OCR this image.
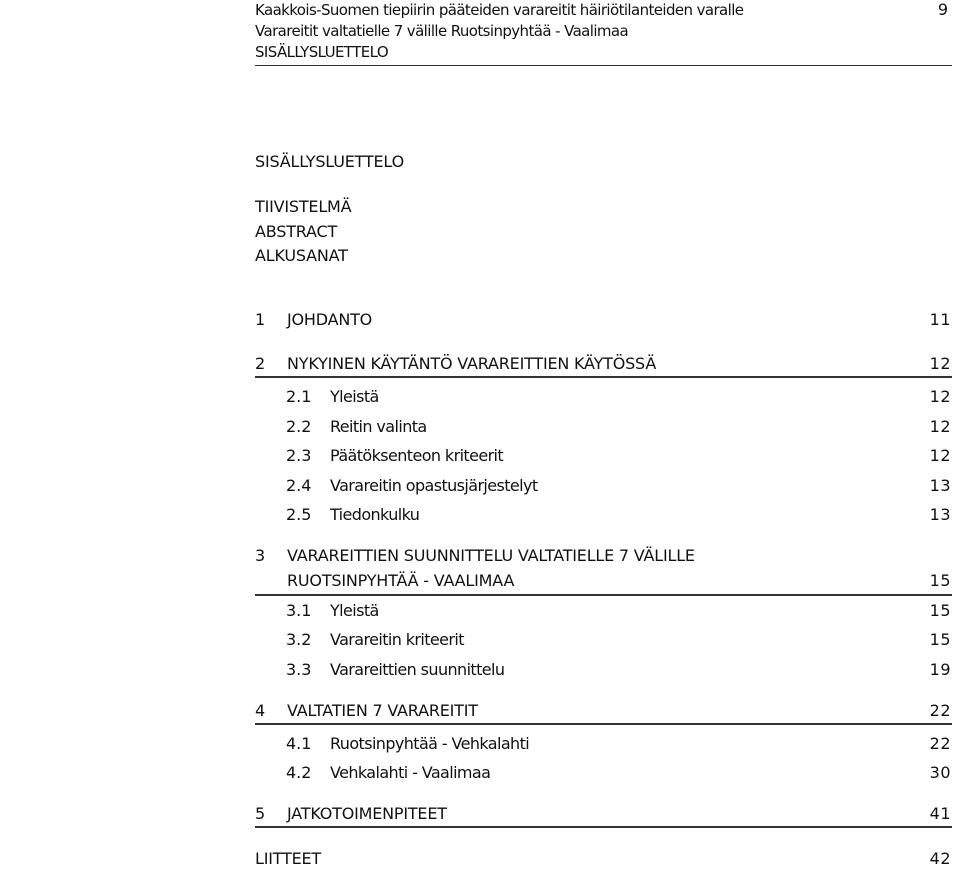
Kaakkois-Suomen tiepiirin pääteiden varareitit häiriötilanteiden varalle
Varareitit valtatielle 7 välille Ruotsinpyhtää - Vaalimaa
SISÄLLYSLUETTELO
9
SISÄLLYSLUETTELO
TIIVISTELMÄ
ABSTRACT
ALKUSANAT
1 JOHDANTO	11
2 NYKYINEN KÄYTÄNTÖ VARAREITTIEN KÄYTÖSSÄ	12
2.1 Yleistä	12
2.2 Reitin valinta	12
2.3 Päätöksenteon kriteerit	12
2.4 Varareitin opastusjärjestelyt	13
2.5 Tiedonkulku	13
3 VARAREITTIEN SUUNNITTELU VALTATIELLE 7 VÄLILLE
RUOTSINPYHTÄÄ - VAALIMAA	15
3.1 Yleistä	15
3.2 Varareitin kriteerit	15
3.3 Varareittien suunnittelu	19
4 VALTATIEN 7 VARAREITIT	22
4.1 Ruotsinpyhtää - Vehkalahti	22
4.2 Vehkalahti - Vaalimaa	30
5 JATKOTOIMENPITEET	41
LIITTEET	42
